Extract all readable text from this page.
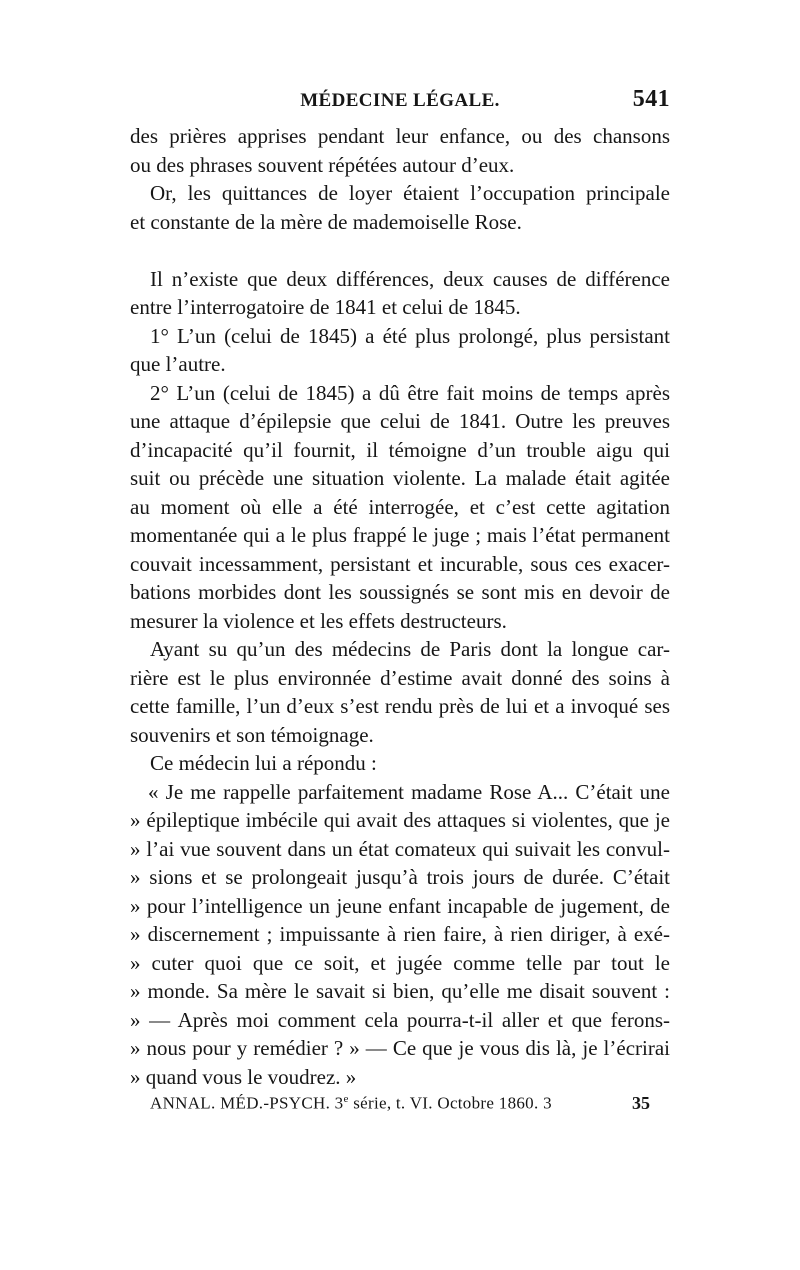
MÉDECINE LÉGALE.	541
des prières apprises pendant leur enfance, ou des chansons
ou des phrases souvent répétées autour d’eux.
Or, les quittances de loyer étaient l’occupation principale
et constante de la mère de mademoiselle Rose.
Il n’existe que deux différences, deux causes de différence
entre l’interrogatoire de 1841 et celui de 1845.
1° L’un (celui de 1845) a été plus prolongé, plus persistant
que l’autre.
2° L’un (celui de 1845) a dû être fait moins de temps après
une attaque d’épilepsie que celui de 1841. Outre les preuves
d’incapacité qu’il fournit, il témoigne d’un trouble aigu qui
suit ou précède une situation violente. La malade était agitée
au moment où elle a été interrogée, et c’est cette agitation
momentanée qui a le plus frappé le juge ; mais l’état permanent
couvait incessamment, persistant et incurable, sous ces exacer-
bations morbides dont les soussignés se sont mis en devoir de
mesurer la violence et les effets destructeurs.
Ayant su qu’un des médecins de Paris dont la longue car-
rière est le plus environnée d’estime avait donné des soins à
cette famille, l’un d’eux s’est rendu près de lui et a invoqué ses
souvenirs et son témoignage.
Ce médecin lui a répondu :
« Je me rappelle parfaitement madame Rose A... C’était une
» épileptique imbécile qui avait des attaques si violentes, que je
» l’ai vue souvent dans un état comateux qui suivait les convul-
» sions et se prolongeait jusqu’à trois jours de durée. C’était
» pour l’intelligence un jeune enfant incapable de jugement, de
» discernement ; impuissante à rien faire, à rien diriger, à exé-
» cuter quoi que ce soit, et jugée comme telle par tout le
» monde. Sa mère le savait si bien, qu’elle me disait souvent :
» — Après moi comment cela pourra-t-il aller et que ferons-
» nous pour y remédier ? » — Ce que je vous dis là, je l’écrirai
» quand vous le voudrez. »
ANNAL. MÉD.-PSYCH. 3e série, t. VI. Octobre 1860. 3	35
